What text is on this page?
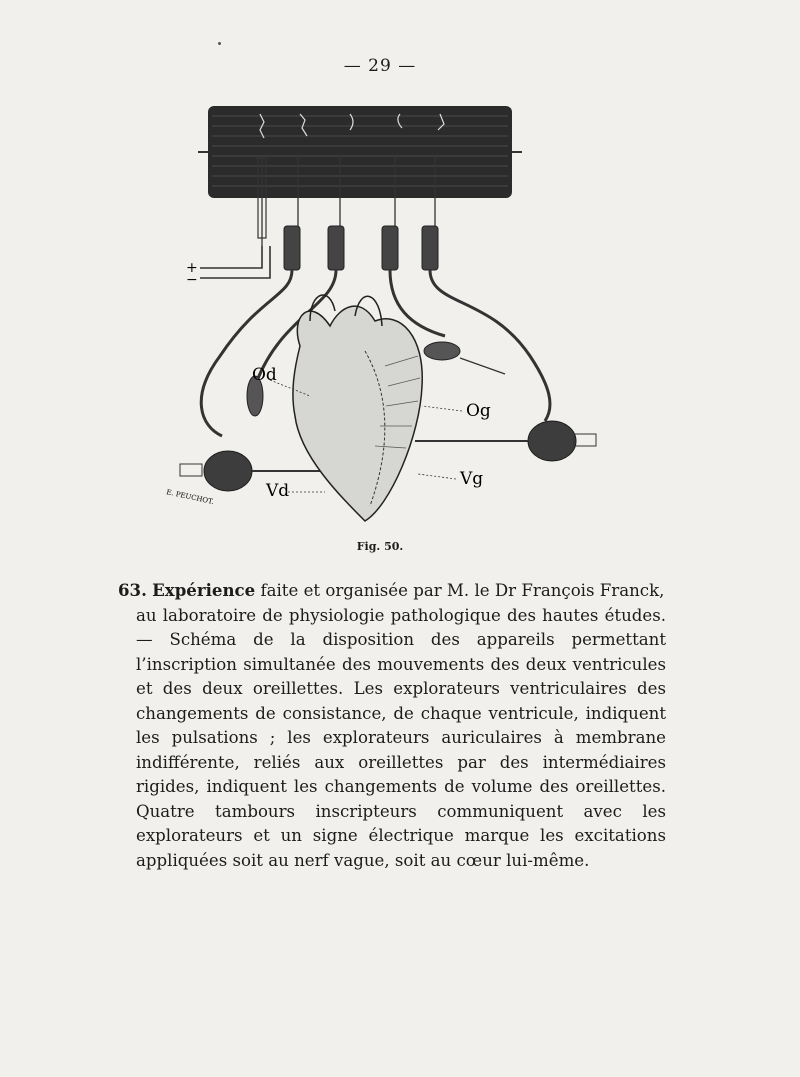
— 29 —
+
−
Od
Og
Vg
Vd
E. PEUCHOT.
Fig. 50.
63. Expérience faite et organisée par M. le Dr François Franck,
au laboratoire de physiologie pathologique des hautes études. — Schéma de la disposition des appareils permettant l’inscription simultanée des mouvements des deux ventricules et des deux oreillettes. Les explorateurs ventriculaires des changements de consistance, de chaque ventricule, indiquent les pulsations ; les explorateurs auriculaires à membrane indifférente, reliés aux oreillettes par des intermédiaires rigides, indiquent les changements de volume des oreillettes. Quatre tambours inscripteurs communiquent avec les explorateurs et un signe électrique marque les excitations appliquées soit au nerf vague, soit au cœur lui-même.
